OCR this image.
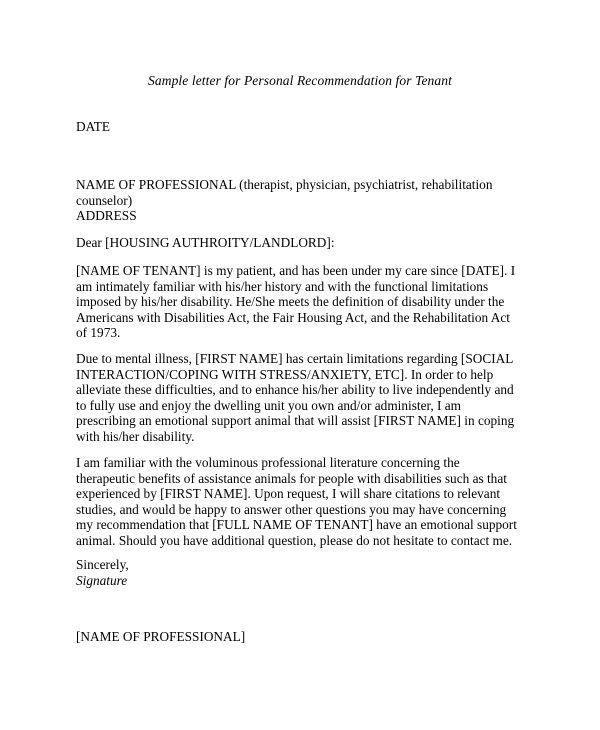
Sample letter for Personal Recommendation for Tenant
DATE
NAME OF PROFESSIONAL (therapist, physician, psychiatrist, rehabilitation
counselor)
ADDRESS
Dear [HOUSING AUTHROITY/LANDLORD]:
[NAME OF TENANT] is my patient, and has been under my care since [DATE]. I
am intimately familiar with his/her history and with the functional limitations
imposed by his/her disability. He/She meets the definition of disability under the
Americans with Disabilities Act, the Fair Housing Act, and the Rehabilitation Act
of 1973.
Due to mental illness, [FIRST NAME] has certain limitations regarding [SOCIAL
INTERACTION/COPING WITH STRESS/ANXIETY, ETC]. In order to help
alleviate these difficulties, and to enhance his/her ability to live independently and
to fully use and enjoy the dwelling unit you own and/or administer, I am
prescribing an emotional support animal that will assist [FIRST NAME] in coping
with his/her disability.
I am familiar with the voluminous professional literature concerning the
therapeutic benefits of assistance animals for people with disabilities such as that
experienced by [FIRST NAME]. Upon request, I will share citations to relevant
studies, and would be happy to answer other questions you may have concerning
my recommendation that [FULL NAME OF TENANT] have an emotional support
animal. Should you have additional question, please do not hesitate to contact me.
Sincerely,
Signature
[NAME OF PROFESSIONAL]
